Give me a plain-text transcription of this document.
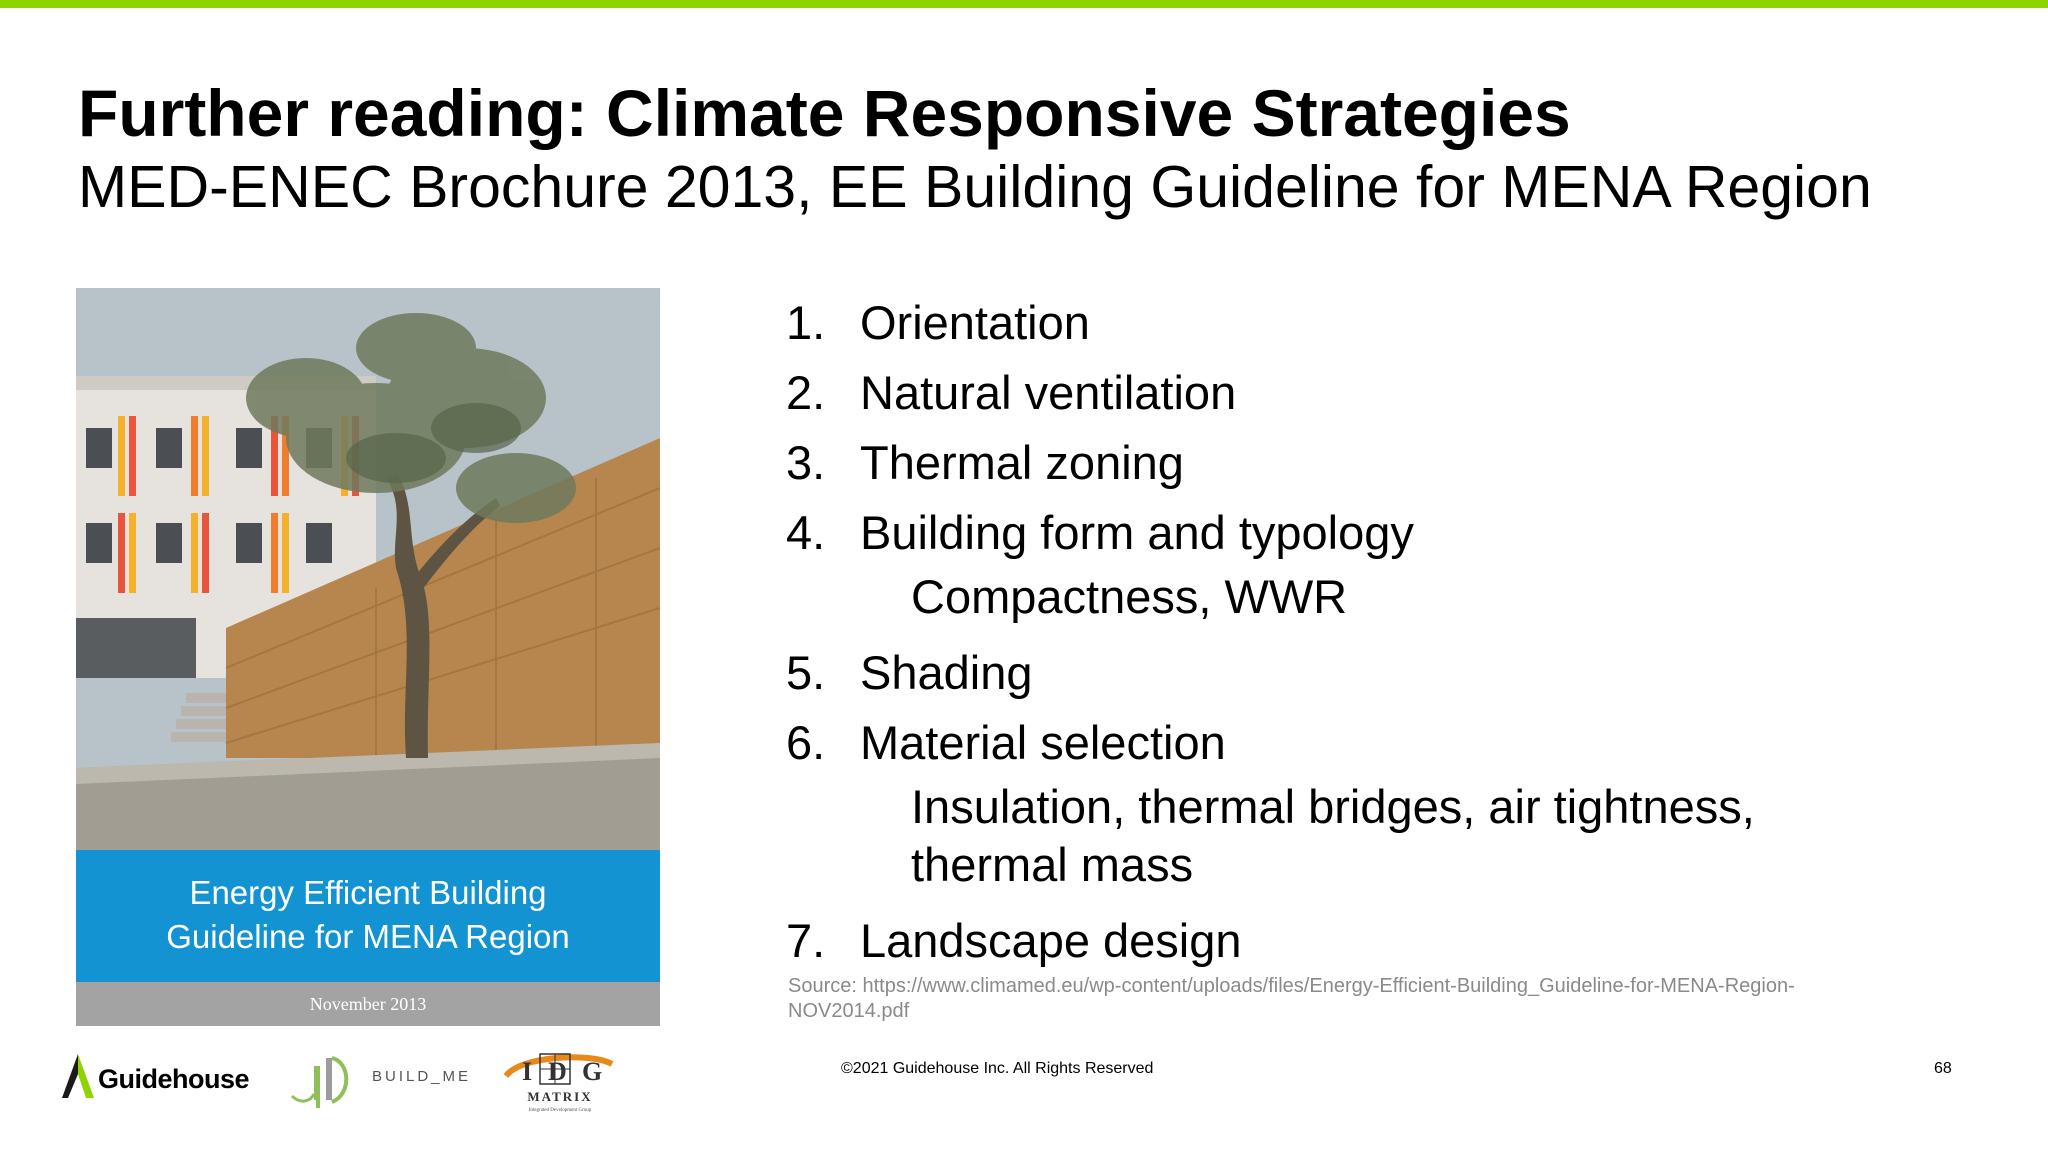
Further reading: Climate Responsive Strategies
MED-ENEC Brochure 2013, EE Building Guideline for MENA Region
Energy Efficient Building
Guideline for MENA Region
November 2013
1. Orientation
2. Natural ventilation
3. Thermal zoning
4. Building form and typology
Compactness, WWR
5. Shading
6. Material selection
Insulation, thermal bridges, air tightness,
thermal mass
7. Landscape design
Source: https://www.climamed.eu/wp-content/uploads/files/Energy-Efficient-Building_Guideline-for-MENA-Region-
NOV2014.pdf
Guidehouse	BUILD_ME I D G
MATRIX
Integrated Development Group
©2021 Guidehouse Inc. All Rights Reserved	68
